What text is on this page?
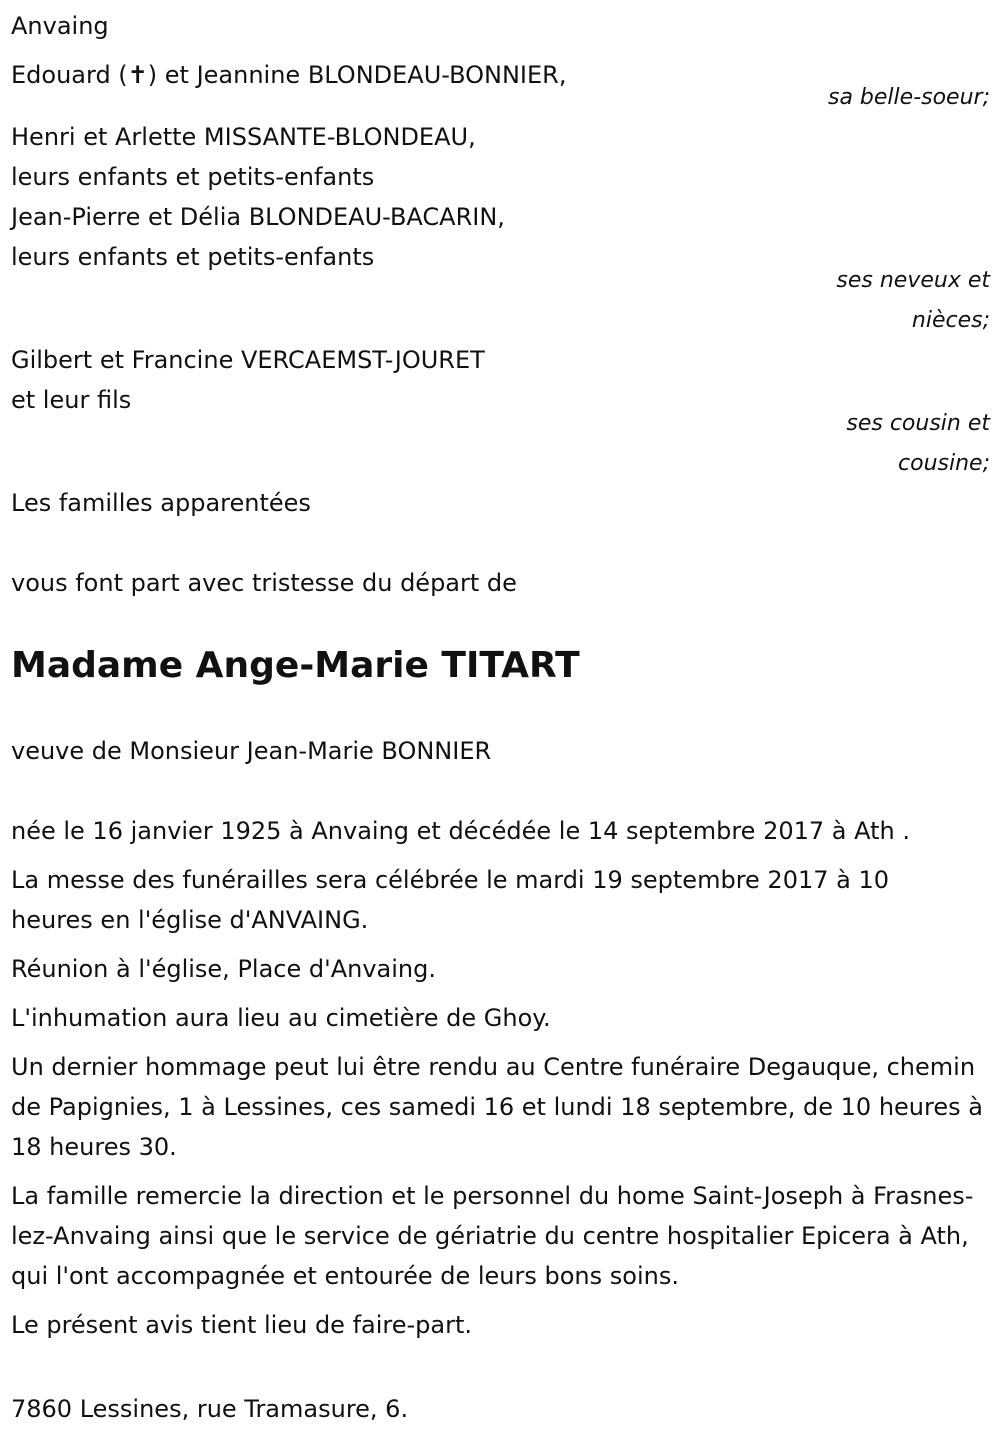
Anvaing
Edouard (✝) et Jeannine BLONDEAU-BONNIER,
sa belle-soeur;
Henri et Arlette MISSANTE-BLONDEAU,
leurs enfants et petits-enfants
Jean-Pierre et Délia BLONDEAU-BACARIN,
leurs enfants et petits-enfants
ses neveux et
nièces;
Gilbert et Francine VERCAEMST-JOURET
et leur fils
ses cousin et
cousine;
Les familles apparentées
vous font part avec tristesse du départ de
Madame Ange-Marie TITART
veuve de Monsieur Jean-Marie BONNIER

née le 16 janvier 1925 à Anvaing et décédée le 14 septembre 2017 à Ath .

La messe des funérailles sera célébrée le mardi 19 septembre 2017 à 10 heures en l'église d'ANVAING.

Réunion à l'église, Place d'Anvaing.

L'inhumation aura lieu au cimetière de Ghoy.

Un dernier hommage peut lui être rendu au Centre funéraire Degauque, chemin de Papignies, 1 à Lessines, ces samedi 16 et lundi 18 septembre, de 10 heures à 18 heures 30.

La famille remercie la direction et le personnel du home Saint-Joseph à Frasnes-lez-Anvaing ainsi que le service de gériatrie du centre hospitalier Epicera à Ath, qui l'ont accompagnée et entourée de leurs bons soins.

Le présent avis tient lieu de faire-part.

7860 Lessines, rue Tramasure, 6.
